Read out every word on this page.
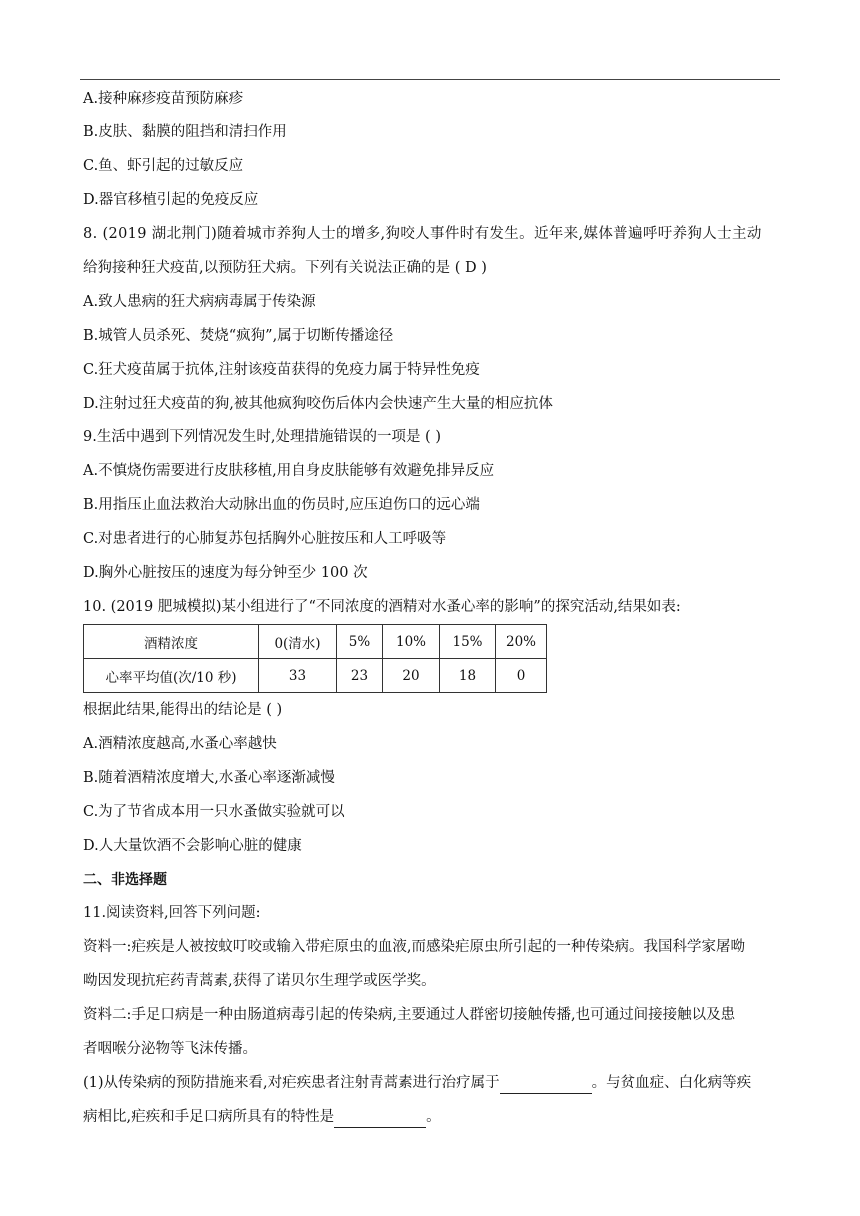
A.接种麻疹疫苗预防麻疹
B.皮肤、黏膜的阻挡和清扫作用
C.鱼、虾引起的过敏反应
D.器官移植引起的免疫反应
8. (2019 湖北荆门)随着城市养狗人士的增多,狗咬人事件时有发生。近年来,媒体普遍呼吁养狗人士主动
给狗接种狂犬疫苗,以预防狂犬病。下列有关说法正确的是 ( D )
A.致人患病的狂犬病病毒属于传染源
B.城管人员杀死、焚烧“疯狗”,属于切断传播途径
C.狂犬疫苗属于抗体,注射该疫苗获得的免疫力属于特异性免疫
D.注射过狂犬疫苗的狗,被其他疯狗咬伤后体内会快速产生大量的相应抗体
9.生活中遇到下列情况发生时,处理措施错误的一项是 ( )
A.不慎烧伤需要进行皮肤移植,用自身皮肤能够有效避免排异反应
B.用指压止血法救治大动脉出血的伤员时,应压迫伤口的远心端
C.对患者进行的心肺复苏包括胸外心脏按压和人工呼吸等
D.胸外心脏按压的速度为每分钟至少 100 次
10. (2019 肥城模拟)某小组进行了“不同浓度的酒精对水蚤心率的影响”的探究活动,结果如表:
酒精浓度	0(清水)	5%	10%	15%	20%
心率平均值(次/10 秒)	33	23	20	18	0
根据此结果,能得出的结论是 ( )
A.酒精浓度越高,水蚤心率越快
B.随着酒精浓度增大,水蚤心率逐渐减慢
C.为了节省成本用一只水蚤做实验就可以
D.人大量饮酒不会影响心脏的健康
二、非选择题
11.阅读资料,回答下列问题:
资料一:疟疾是人被按蚊叮咬或输入带疟原虫的血液,而感染疟原虫所引起的一种传染病。我国科学家屠呦
呦因发现抗疟药青蒿素,获得了诺贝尔生理学或医学奖。
资料二:手足口病是一种由肠道病毒引起的传染病,主要通过人群密切接触传播,也可通过间接接触以及患
者咽喉分泌物等飞沫传播。
(1)从传染病的预防措施来看,对疟疾患者注射青蒿素进行治疗属于	。与贫血症、白化病等疾
病相比,疟疾和手足口病所具有的特性是	。
